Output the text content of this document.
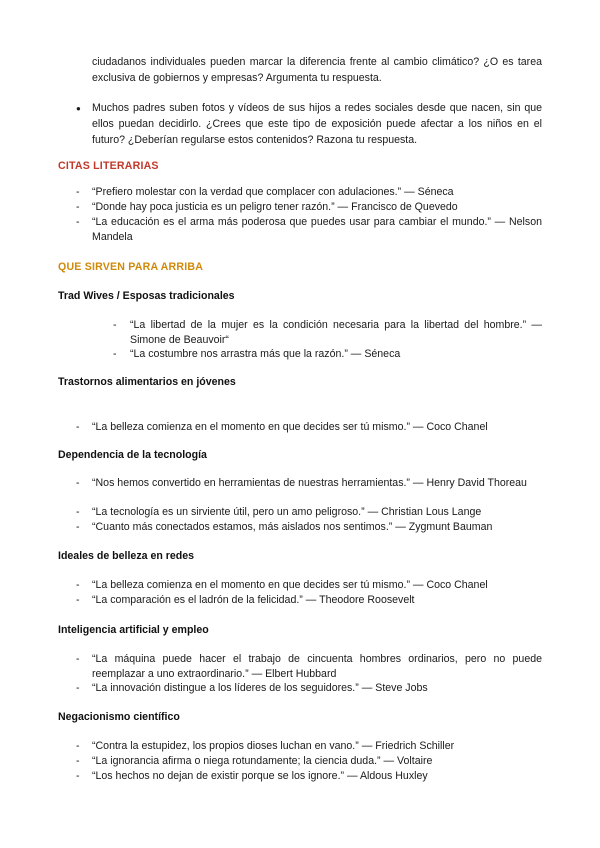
ciudadanos individuales pueden marcar la diferencia frente al cambio climático? ¿O es tarea exclusiva de gobiernos y empresas? Argumenta tu respuesta.
● Muchos padres suben fotos y vídeos de sus hijos a redes sociales desde que nacen, sin que ellos puedan decidirlo. ¿Crees que este tipo de exposición puede afectar a los niños en el futuro? ¿Deberían regularse estos contenidos? Razona tu respuesta.
CITAS LITERARIAS
- “Prefiero molestar con la verdad que complacer con adulaciones.” — Séneca
- “Donde hay poca justicia es un peligro tener razón.” — Francisco de Quevedo
- “La educación es el arma más poderosa que puedes usar para cambiar el mundo.” — Nelson Mandela
QUE SIRVEN PARA ARRIBA
Trad Wives / Esposas tradicionales
- “La libertad de la mujer es la condición necesaria para la libertad del hombre.” — Simone de Beauvoir“
- “La costumbre nos arrastra más que la razón.” — Séneca
Trastornos alimentarios en jóvenes
- “La belleza comienza en el momento en que decides ser tú mismo.” — Coco Chanel
Dependencia de la tecnología
- “Nos hemos convertido en herramientas de nuestras herramientas.” — Henry David Thoreau
- “La tecnología es un sirviente útil, pero un amo peligroso.” — Christian Lous Lange
- “Cuanto más conectados estamos, más aislados nos sentimos.” — Zygmunt Bauman
Ideales de belleza en redes
- “La belleza comienza en el momento en que decides ser tú mismo.” — Coco Chanel
- “La comparación es el ladrón de la felicidad.” — Theodore Roosevelt
Inteligencia artificial y empleo
- “La máquina puede hacer el trabajo de cincuenta hombres ordinarios, pero no puede reemplazar a uno extraordinario.” — Elbert Hubbard
- “La innovación distingue a los líderes de los seguidores.” — Steve Jobs
Negacionismo científico
- “Contra la estupidez, los propios dioses luchan en vano.” — Friedrich Schiller
- “La ignorancia afirma o niega rotundamente; la ciencia duda.” — Voltaire
- “Los hechos no dejan de existir porque se los ignore.” — Aldous Huxley
